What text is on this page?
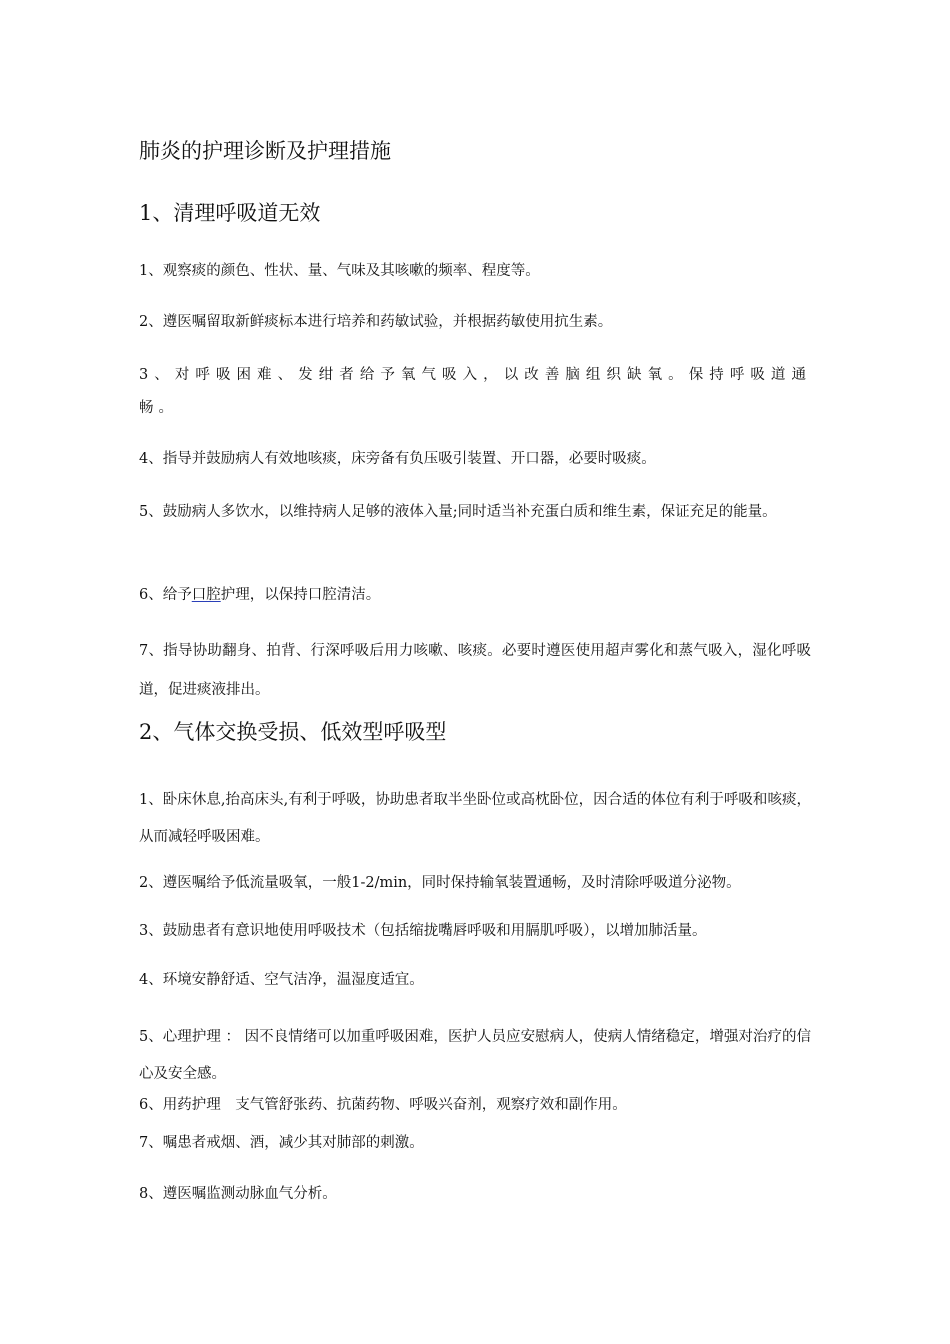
肺炎的护理诊断及护理措施
1、清理呼吸道无效
1、观察痰的颜色、性状、量、气味及其咳嗽的频率、程度等。
2、遵医嘱留取新鲜痰标本进行培养和药敏试验，并根据药敏使用抗生素。
3、对呼吸困难、发绀者给予氧气吸入，以改善脑组织缺氧。保持呼吸道通畅。
4、指导并鼓励病人有效地咳痰，床旁备有负压吸引装置、开口器，必要时吸痰。
5、鼓励病人多饮水，以维持病人足够的液体入量;同时适当补充蛋白质和维生素，保证充足的能量。
6、给予口腔护理，以保持口腔清洁。
7、指导协助翻身、拍背、行深呼吸后用力咳嗽、咳痰。必要时遵医使用超声雾化和蒸气吸入，湿化呼吸道，促进痰液排出。
2、气体交换受损、低效型呼吸型
1、卧床休息,抬高床头,有利于呼吸，协助患者取半坐卧位或高枕卧位，因合适的体位有利于呼吸和咳痰，从而减轻呼吸困难。
2、遵医嘱给予低流量吸氧，一般1-2/min，同时保持输氧装置通畅，及时清除呼吸道分泌物。
3、鼓励患者有意识地使用呼吸技术（包括缩拢嘴唇呼吸和用膈肌呼吸），以增加肺活量。
4、环境安静舒适、空气洁净，温湿度适宜。
5、心理护理 ： 因不良情绪可以加重呼吸困难，医护人员应安慰病人，使病人情绪稳定，增强对治疗的信心及安全感。
6、用药护理　支气管舒张药、抗菌药物、呼吸兴奋剂，观察疗效和副作用。
7、嘱患者戒烟、酒，减少其对肺部的刺激。
8、遵医嘱监测动脉血气分析。
